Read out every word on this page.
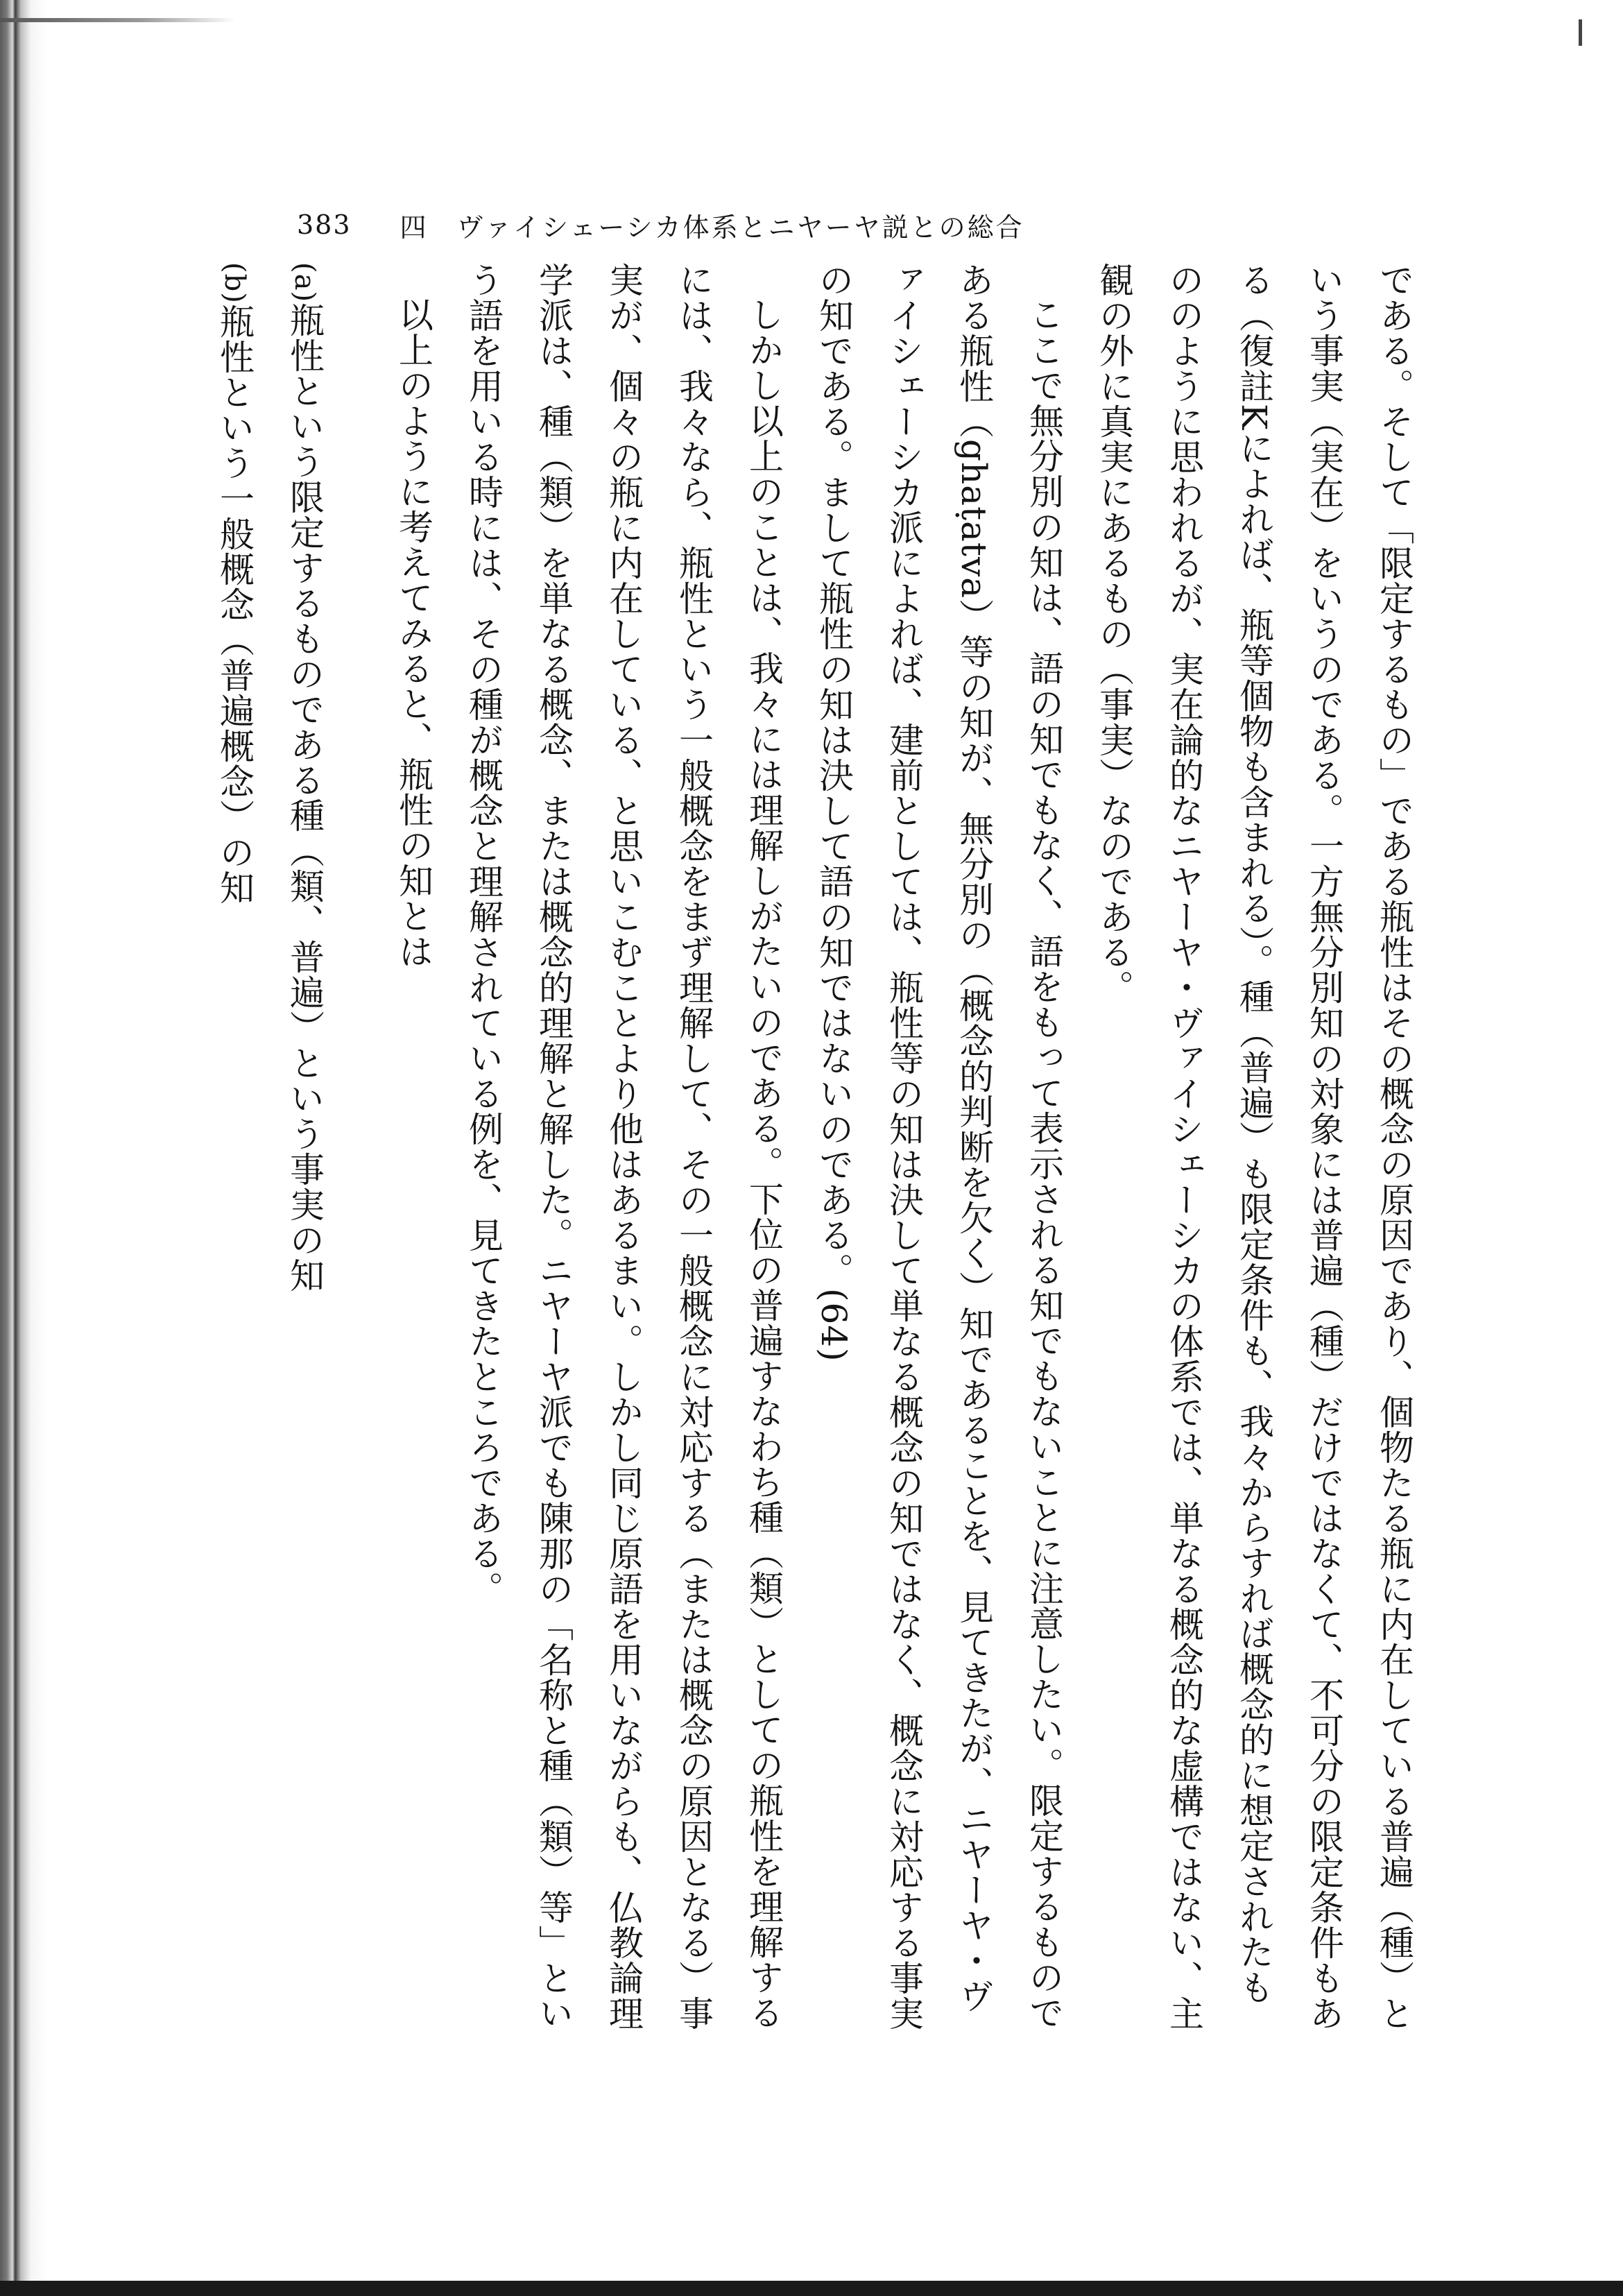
383 四　ヴァイシェーシカ体系とニヤーヤ説との総合

である。そして「限定するもの」である瓶性はその概念の原因であり、個物たる瓶に内在している普遍（種）という事実（実在）をいうのである。一方無分別知の対象には普遍（種）だけではなくて、不可分の限定条件もある（復註Kによれば、瓶等個物も含まれる）。種（普遍）も限定条件も、我々からすれば概念的に想定されたもののように思われるが、実在論的なニヤーヤ・ヴァイシェーシカの体系では、単なる概念的な虚構ではない、主観の外に真実にあるもの（事実）なのである。

ここで無分別の知は、語の知でもなく、語をもって表示される知でもないことに注意したい。限定するものである瓶性（ghaṭatva）等の知が、無分別の（概念的判断を欠く）知であることを、見てきたが、ニヤーヤ・ヴァイシェーシカ派によれば、建前としては、瓶性等の知は決して単なる概念の知ではなく、概念に対応する事実の知である。まして瓶性の知は決して語の知ではないのである。(64)

しかし以上のことは、我々には理解しがたいのである。下位の普遍すなわち種（類）としての瓶性を理解するには、我々なら、瓶性という一般概念をまず理解して、その一般概念に対応する（または概念の原因となる）事実が、個々の瓶に内在している、と思いこむことより他はあるまい。しかし同じ原語を用いながらも、仏教論理学派は、種（類）を単なる概念、または概念的理解と解した。ニヤーヤ派でも陳那の「名称と種（類）等」という語を用いる時には、その種が概念と理解されている例を、見てきたところである。

以上のように考えてみると、瓶性の知とは

(a)瓶性という限定するものである種（類、普遍）という事実の知

(b)瓶性という一般概念（普遍概念）の知
